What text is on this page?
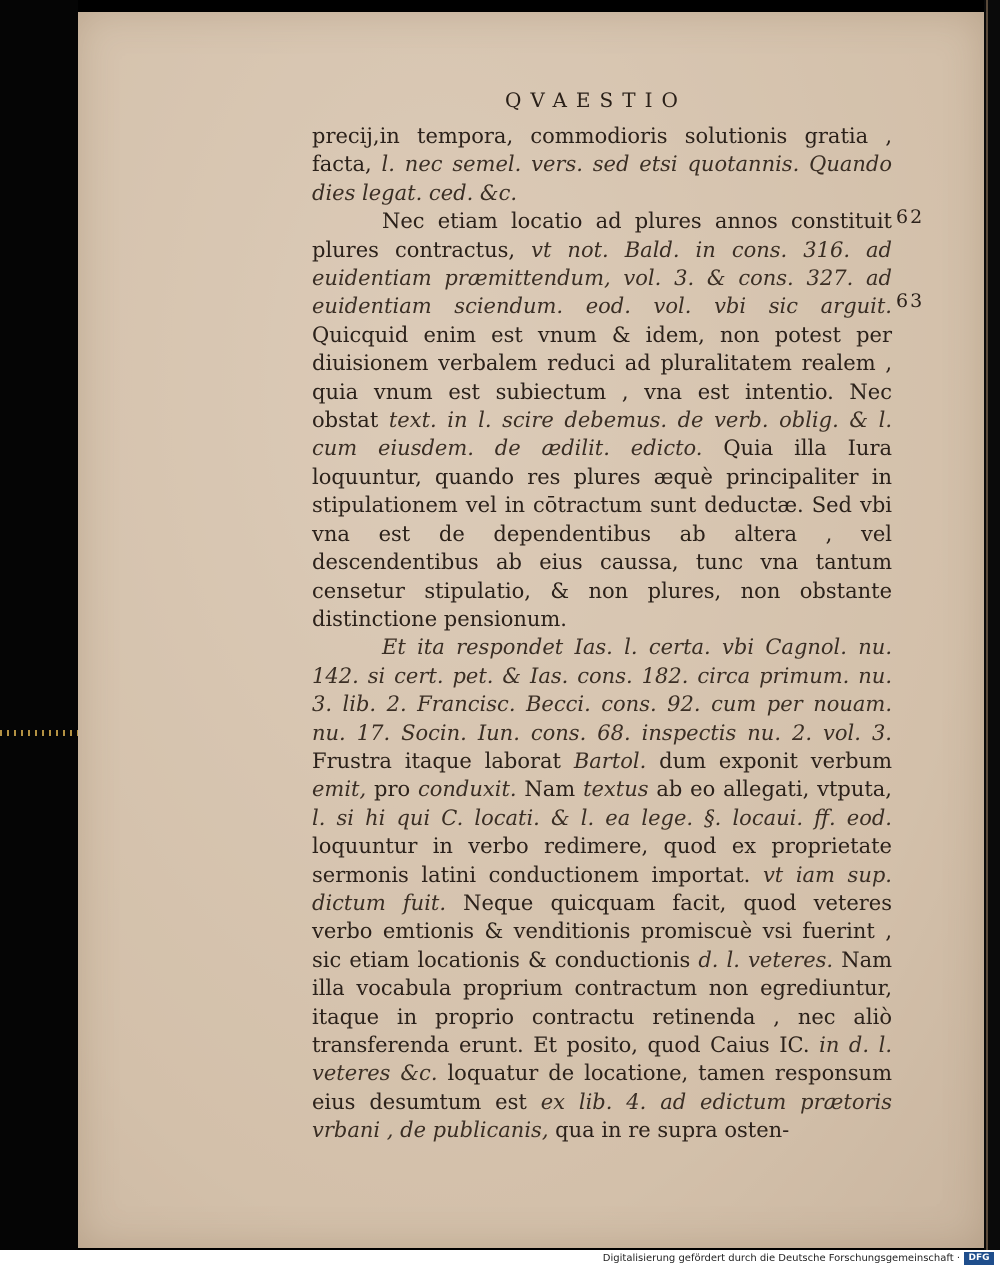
QVAESTIO
62
63

precij,in tempora, commodioris solutionis gratia , facta, l. nec semel. vers. sed etsi quotannis. Quando dies legat. ced. &c.

Nec etiam locatio ad plures annos constituit plures contractus, vt not. Bald. in cons. 316. ad euidentiam præmittendum, vol. 3. & cons. 327. ad euidentiam sciendum. eod. vol. vbi sic arguit. Quicquid enim est vnum & idem, non potest per diuisionem verbalem reduci ad pluralitatem realem , quia vnum est subiectum , vna est intentio. Nec obstat text. in l. scire debemus. de verb. oblig. & l. cum eiusdem. de ædilit. edicto. Quia illa Iura loquuntur, quando res plures æquè principaliter in stipulationem vel in cōtractum sunt deductæ. Sed vbi vna est de dependentibus ab altera , vel descendentibus ab eius caussa, tunc vna tantum censetur stipulatio, & non plures, non obstante distinctione pensionum.

Et ita respondet Ias. l. certa. vbi Cagnol. nu. 142. si cert. pet. & Ias. cons. 182. circa primum. nu. 3. lib. 2. Francisc. Becci. cons. 92. cum per nouam. nu. 17. Socin. Iun. cons. 68. inspectis nu. 2. vol. 3. Frustra itaque laborat Bartol. dum exponit verbum emit, pro conduxit. Nam textus ab eo allegati, vtputa, l. si hi qui C. locati. & l. ea lege. §. locaui. ff. eod. loquuntur in verbo redimere, quod ex proprietate sermonis latini conductionem importat. vt iam sup. dictum fuit. Neque quicquam facit, quod veteres verbo emtionis & venditionis promiscuè vsi fuerint , sic etiam locationis & conductionis d. l. veteres. Nam illa vocabula proprium contractum non egrediuntur, itaque in proprio contractu retinenda , nec aliò transferenda erunt. Et posito, quod Caius IC. in d. l. veteres &c. loquatur de locatione, tamen responsum eius desumtum est ex lib. 4. ad edictum prætoris vrbani , de publicanis, qua in re supra osten-

Digitalisierung gefördert durch die Deutsche Forschungsgemeinschaft · DFG
